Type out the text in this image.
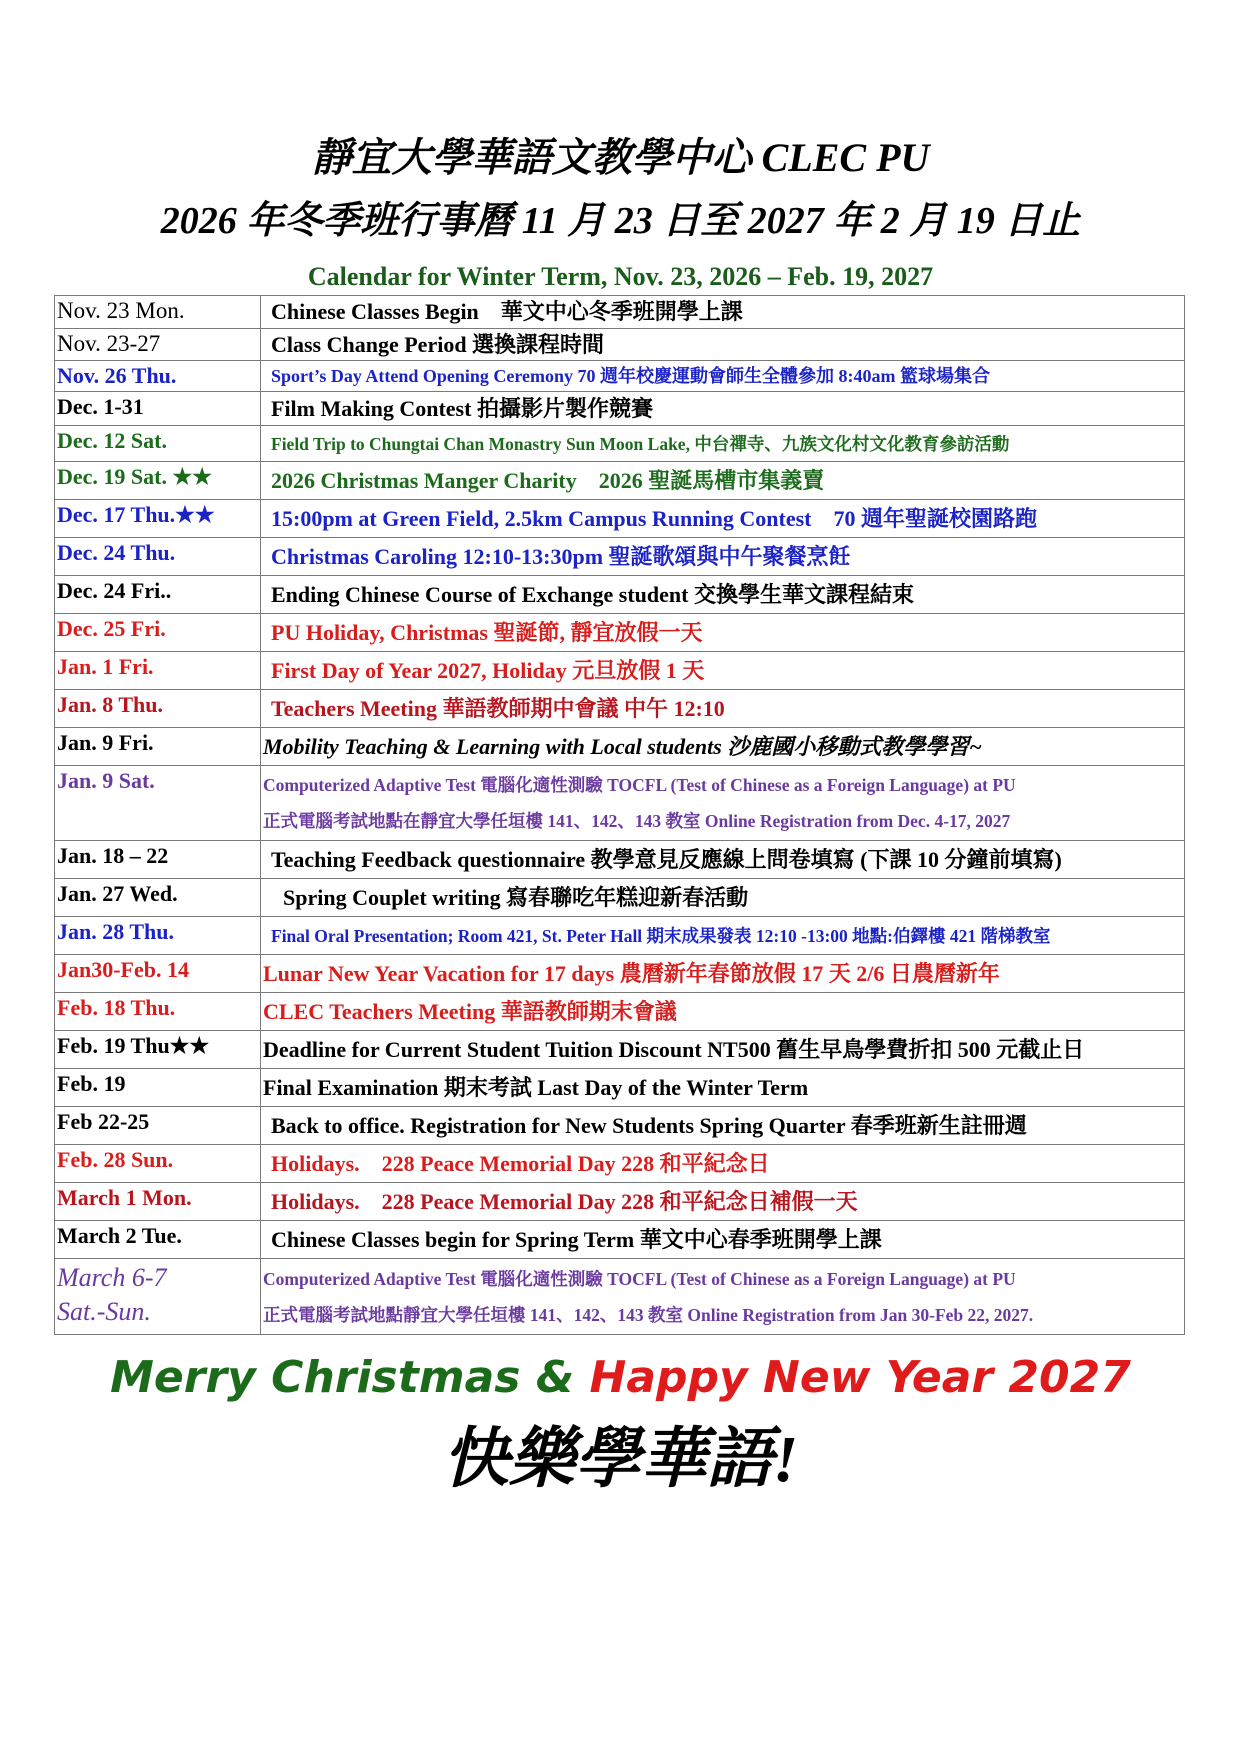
靜宜大學華語文教學中心 CLEC PU
2026 年冬季班行事曆 11 月 23 日至 2027 年 2 月 19 日止
Calendar for Winter Term, Nov. 23, 2026 – Feb. 19, 2027
Nov. 23 Mon.	Chinese Classes Begin　華文中心冬季班開學上課
Nov. 23-27	Class Change Period 選換課程時間
Nov. 26 Thu.	Sport’s Day Attend Opening Ceremony 70 週年校慶運動會師生全體參加 8:40am 籃球場集合
Dec. 1-31	Film Making Contest 拍攝影片製作競賽
Dec. 12 Sat.	Field Trip to Chungtai Chan Monastry Sun Moon Lake, 中台禪寺、九族文化村文化教育參訪活動
Dec. 19 Sat. ★★	2026 Christmas Manger Charity　2026 聖誕馬槽市集義賣
Dec. 17 Thu.★★	15:00pm at Green Field, 2.5km Campus Running Contest　70 週年聖誕校園路跑
Dec. 24 Thu.	Christmas Caroling 12:10-13:30pm 聖誕歌頌與中午聚餐烹飪
Dec. 24 Fri..	Ending Chinese Course of Exchange student 交換學生華文課程結束
Dec. 25 Fri.	PU Holiday, Christmas 聖誕節, 靜宜放假一天
Jan. 1 Fri.	First Day of Year 2027, Holiday 元旦放假 1 天
Jan. 8 Thu.	Teachers Meeting 華語教師期中會議 中午 12:10
Jan. 9 Fri.	Mobility Teaching & Learning with Local students 沙鹿國小移動式教學學習~
Jan. 9 Sat.	Computerized Adaptive Test 電腦化適性測驗 TOCFL (Test of Chinese as a Foreign Language) at PU
正式電腦考試地點在靜宜大學任垣樓 141、142、143 教室 Online Registration from Dec. 4-17, 2027

Jan. 18 – 22	Teaching Feedback questionnaire 教學意見反應線上問卷填寫 (下課 10 分鐘前填寫)
Jan. 27 Wed.	Spring Couplet writing 寫春聯吃年糕迎新春活動
Jan. 28 Thu.	Final Oral Presentation; Room 421, St. Peter Hall 期末成果發表 12:10 -13:00 地點:伯鐸樓 421 階梯教室
Jan30-Feb. 14	Lunar New Year Vacation for 17 days 農曆新年春節放假 17 天 2/6 日農曆新年
Feb. 18 Thu.	CLEC Teachers Meeting 華語教師期末會議
Feb. 19 Thu★★	Deadline for Current Student Tuition Discount NT500 舊生早鳥學費折扣 500 元截止日
Feb. 19	Final Examination 期末考試 Last Day of the Winter Term
Feb 22-25	Back to office. Registration for New Students Spring Quarter 春季班新生註冊週
Feb. 28 Sun.	Holidays.　228 Peace Memorial Day 228 和平紀念日
March 1 Mon.	Holidays.　228 Peace Memorial Day 228 和平紀念日補假一天
March 2 Tue.	Chinese Classes begin for Spring Term 華文中心春季班開學上課
March 6-7
Sat.-Sun.	Computerized Adaptive Test 電腦化適性測驗 TOCFL (Test of Chinese as a Foreign Language) at PU
正式電腦考試地點靜宜大學任垣樓 141、142、143 教室 Online Registration from Jan 30-Feb 22, 2027.
Merry Christmas & Happy New Year 2027
快樂學華語!
